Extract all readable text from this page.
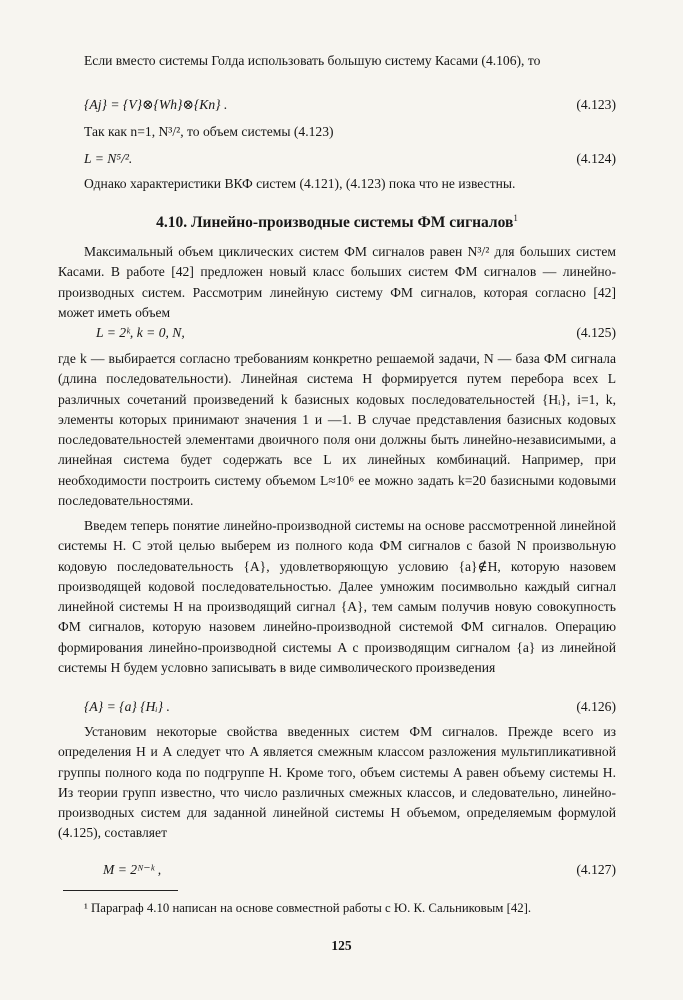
Если вместо системы Голда использовать большую систему Касами (4.106), то

{Aj} = {V}⊗{Wh}⊗{Kn} .	(4.123)

Так как n=1, N³/², то объем системы (4.123)

L = N⁵/².	(4.124)

Однако характеристики ВКФ систем (4.121), (4.123) пока что не известны.

4.10. Линейно-производные системы ФМ сигналов$^1$

Максимальный объем циклических систем ФМ сигналов равен N³/² для больших систем Касами. В работе [42] предложен новый класс больших систем ФМ сигналов — линейно-производных систем. Рассмотрим линейную систему ФМ сигналов, которая согласно [42] может иметь объем

L = 2ᵏ, k = 0, N,	(4.125)

где k — выбирается согласно требованиям конкретно решаемой задачи, N — база ФМ сигнала (длина последовательности). Линейная система H формируется путем перебора всех L различных сочетаний произведений k базисных кодовых последовательностей {Hᵢ}, i=1, k, элементы которых принимают значения 1 и —1. В случае представления базисных кодовых последовательностей элементами двоичного поля они должны быть линейно-независимыми, а линейная система будет содержать все L их линейных комбинаций. Например, при необходимости построить систему объемом L≈10⁶ ее можно задать k=20 базисными кодовыми последовательностями.

Введем теперь понятие линейно-производной системы на основе рассмотренной линейной системы H. С этой целью выберем из полного кода ФМ сигналов с базой N произвольную кодовую последовательность {A}, удовлетворяющую условию {a}∉H, которую назовем производящей кодовой последовательностью. Далее умножим посимвольно каждый сигнал линейной системы H на производящий сигнал {A}, тем самым получив новую совокупность ФМ сигналов, которую назовем линейно-производной системой ФМ сигналов. Операцию формирования линейно-производной системы A с производящим сигналом {a} из линейной системы H будем условно записывать в виде символического произведения

{A} = {a} {Hᵢ} .	(4.126)

Установим некоторые свойства введенных систем ФМ сигналов. Прежде всего из определения H и A следует что A является смежным классом разложения мультипликативной группы полного кода по подгруппе H. Кроме того, объем системы A равен объему системы H. Из теории групп известно, что число различных смежных классов, и следовательно, линейно-производных систем для заданной линейной системы H объемом, определяемым формулой (4.125), составляет

M = 2ᴺ⁻ᵏ ,	(4.127)

¹ Параграф 4.10 написан на основе совместной работы с Ю. К. Сальниковым [42].

125
